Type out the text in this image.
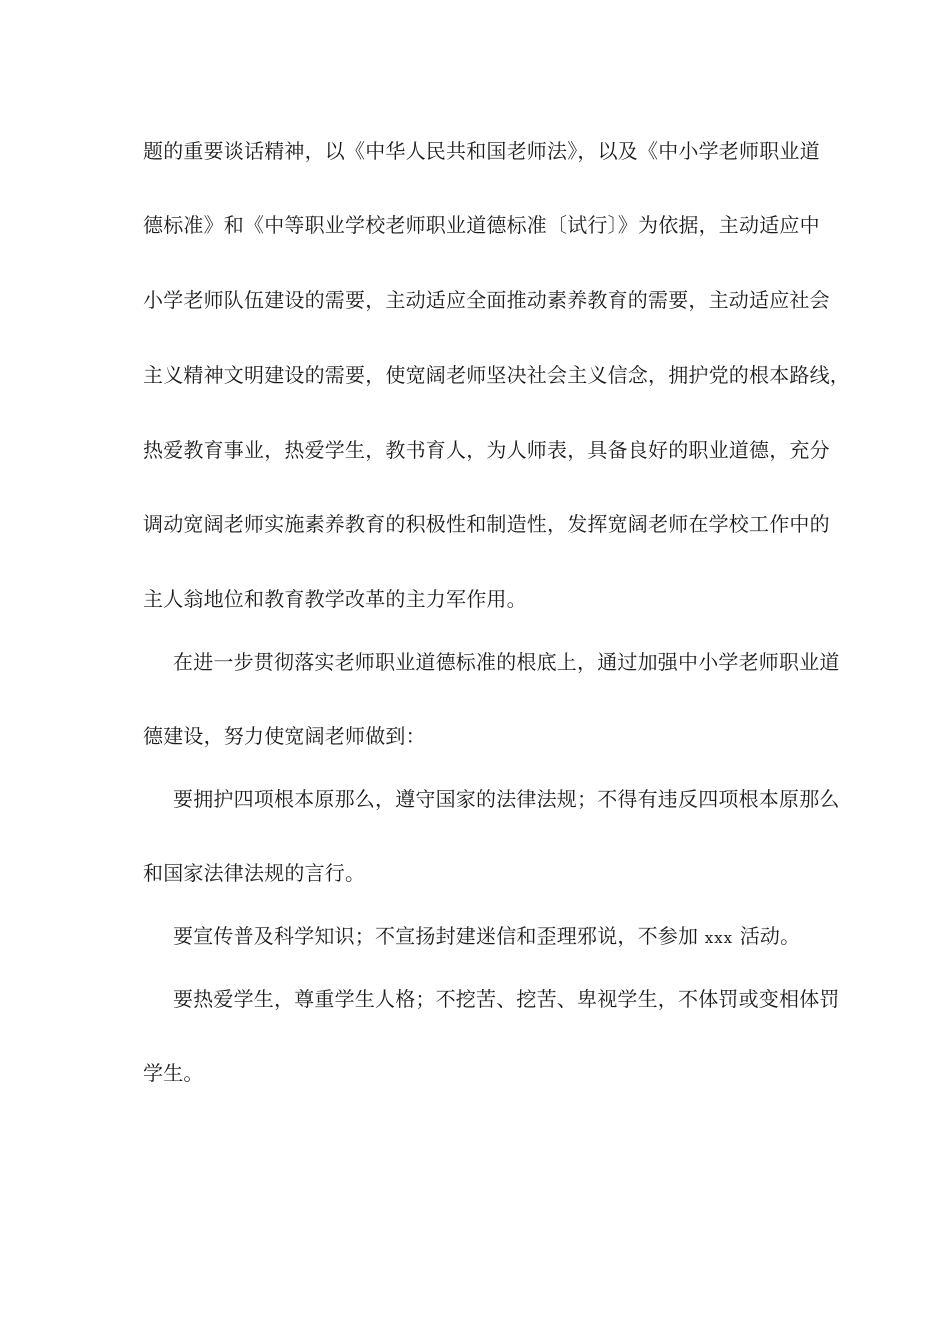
题的重要谈话精神，以《中华人民共和国老师法》，以及《中小学老师职业道
德标准》和《中等职业学校老师职业道德标准〔试行〕》为依据，主动适应中
小学老师队伍建设的需要，主动适应全面推动素养教育的需要，主动适应社会
主义精神文明建设的需要，使宽阔老师坚决社会主义信念，拥护党的根本路线，
热爱教育事业，热爱学生，教书育人，为人师表，具备良好的职业道德，充分
调动宽阔老师实施素养教育的积极性和制造性，发挥宽阔老师在学校工作中的
主人翁地位和教育教学改革的主力军作用。
在进一步贯彻落实老师职业道德标准的根底上，通过加强中小学老师职业道
德建设，努力使宽阔老师做到：
要拥护四项根本原那么，遵守国家的法律法规；不得有违反四项根本原那么
和国家法律法规的言行。
要宣传普及科学知识；不宣扬封建迷信和歪理邪说，不参加 xxx 活动。
要热爱学生，尊重学生人格；不挖苦、挖苦、卑视学生，不体罚或变相体罚
学生。
